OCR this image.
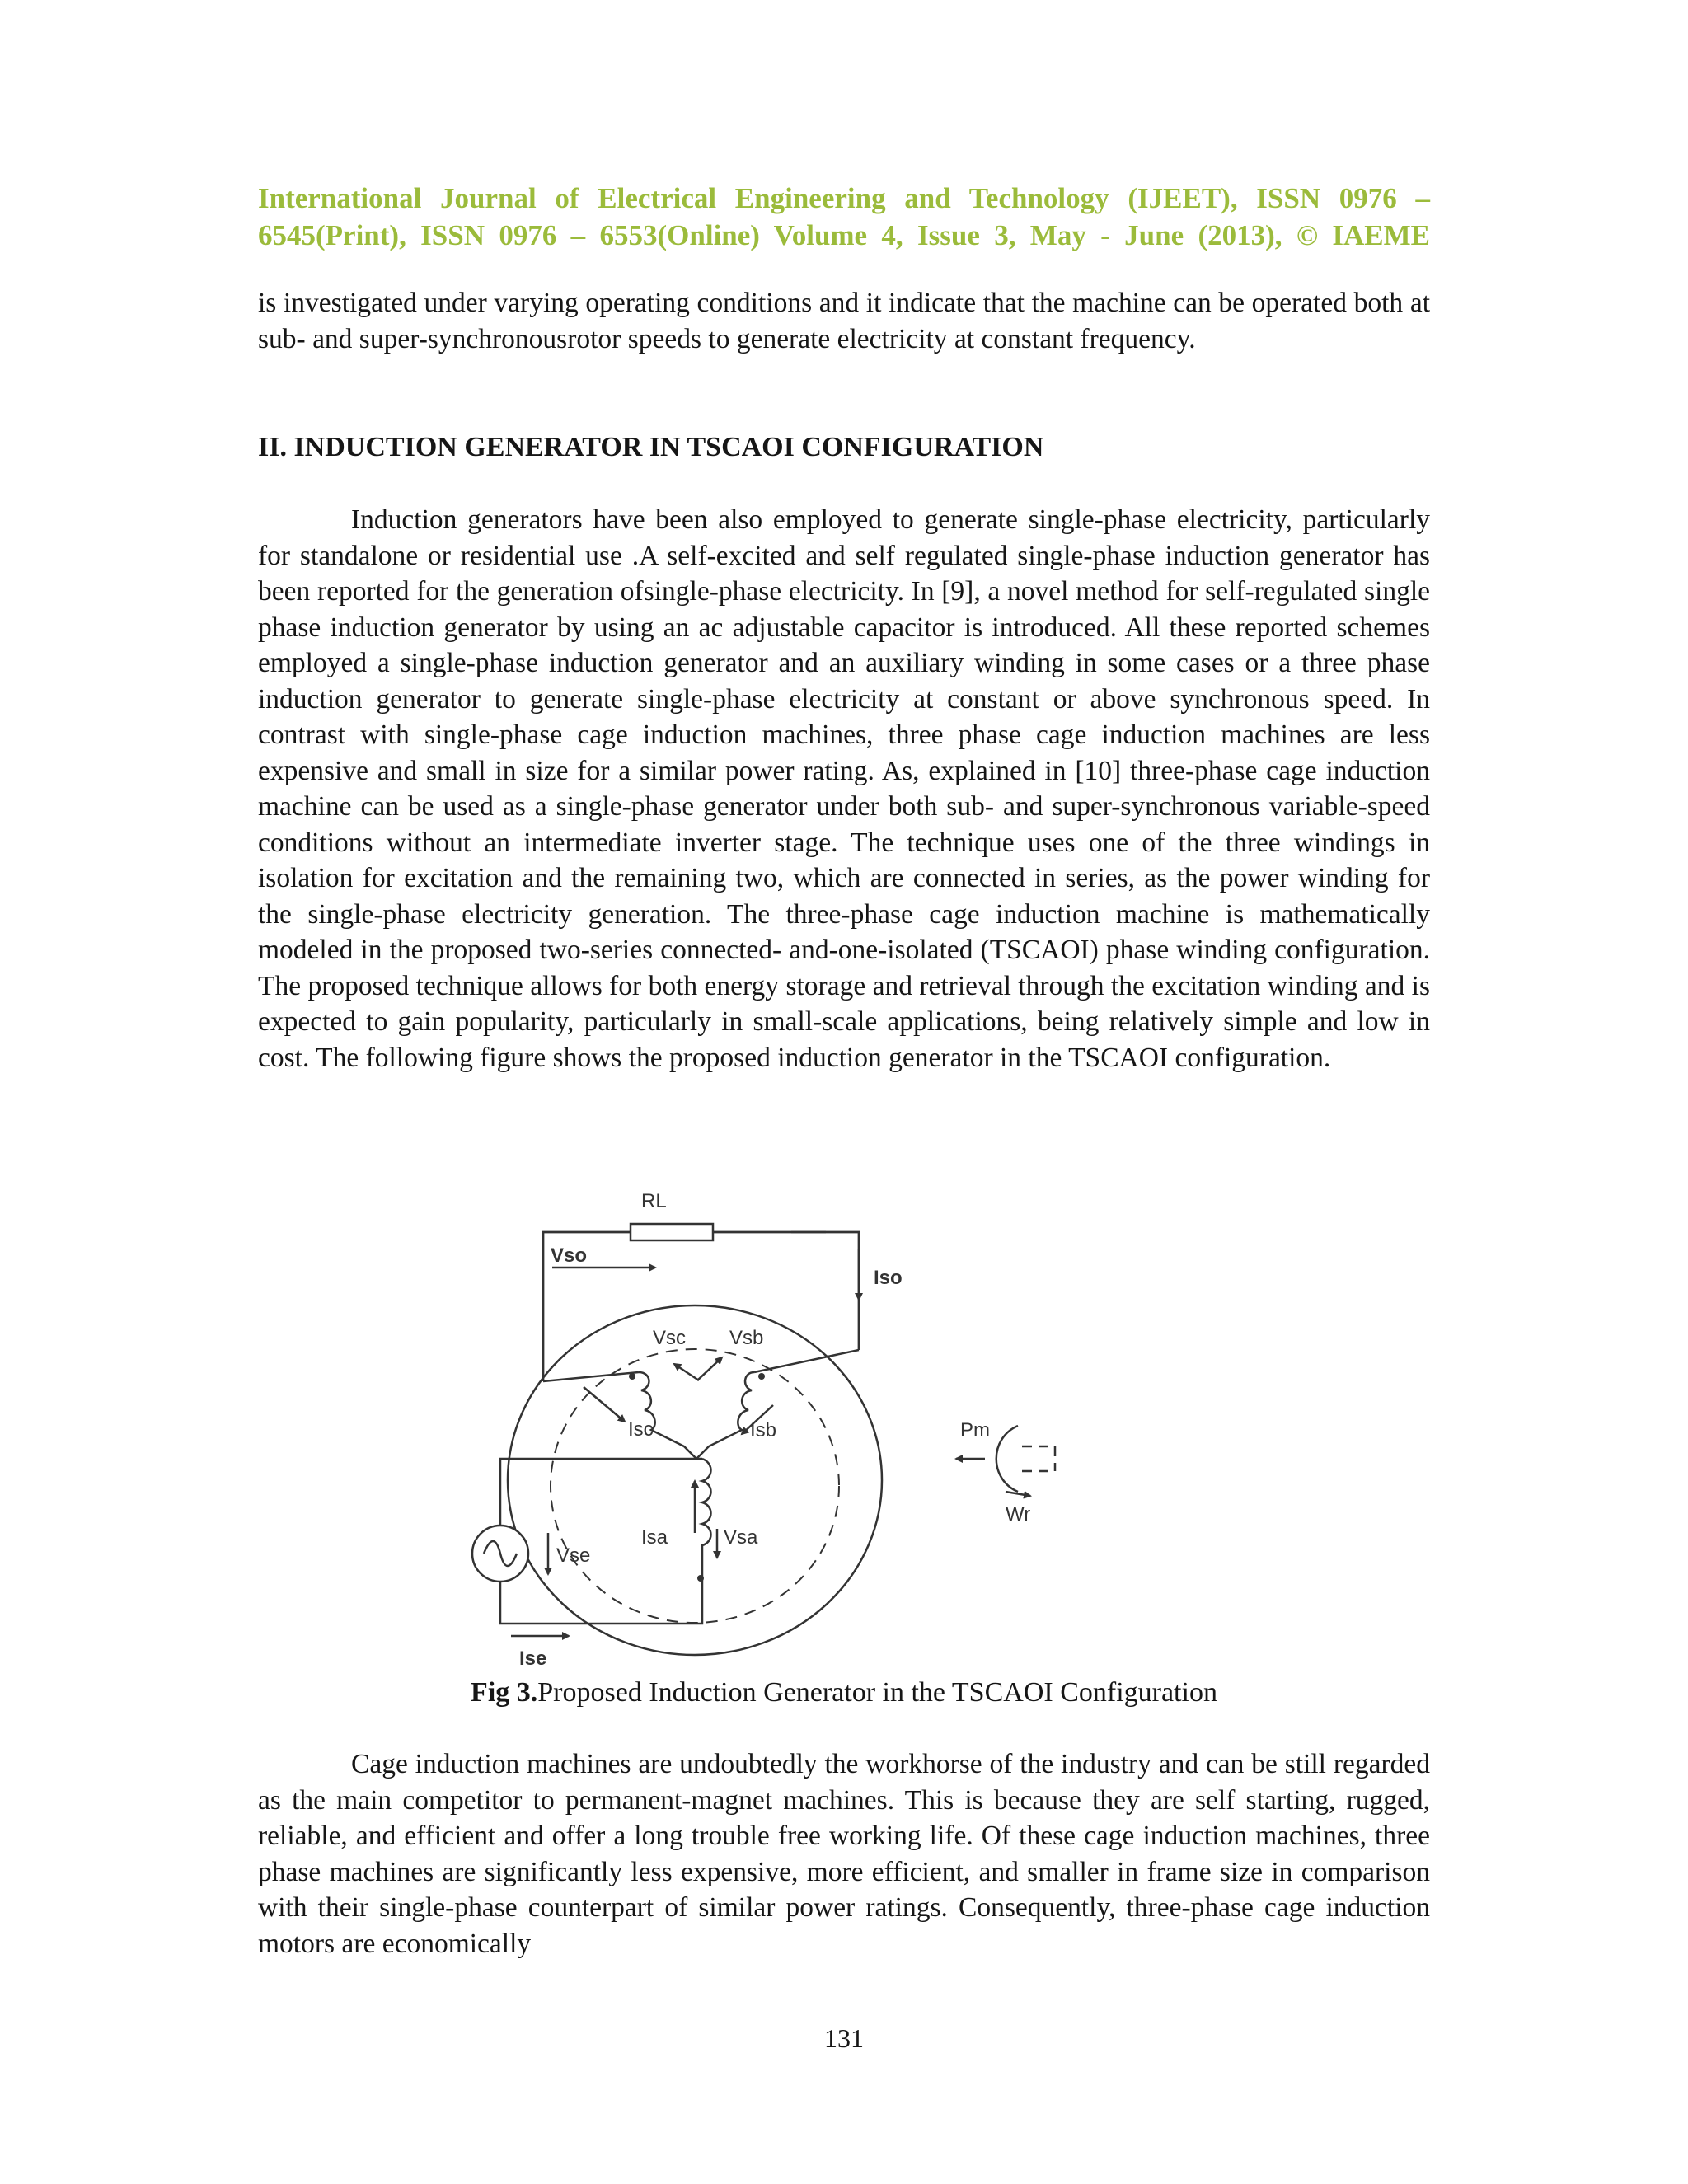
International Journal of Electrical Engineering and Technology (IJEET), ISSN 0976 –
6545(Print), ISSN 0976 – 6553(Online) Volume 4, Issue 3, May - June (2013), © IAEME

is investigated under varying operating conditions and it indicate that the machine can be operated both at sub- and super-synchronousrotor speeds to generate electricity at constant frequency.

II. INDUCTION GENERATOR IN TSCAOI CONFIGURATION

Induction generators have been also employed to generate single-phase electricity, particularly for standalone or residential use .A self-excited and self regulated single-phase induction generator has been reported for the generation ofsingle-phase electricity. In [9], a novel method for self-regulated single phase induction generator by using an ac adjustable capacitor is introduced. All these reported schemes employed a single-phase induction generator and an auxiliary winding in some cases or a three phase induction generator to generate single-phase electricity at constant or above synchronous speed. In contrast with single-phase cage induction machines, three phase cage induction machines are less expensive and small in size for a similar power rating. As, explained in [10] three-phase cage induction machine can be used as a single-phase generator under both sub- and super-synchronous variable-speed conditions without an intermediate inverter stage. The technique uses one of the three windings in isolation for excitation and the remaining two, which are connected in series, as the power winding for the single-phase electricity generation. The three-phase cage induction machine is mathematically modeled in the proposed two-series connected- and-one-isolated (TSCAOI) phase winding configuration. The proposed technique allows for both energy storage and retrieval through the excitation winding and is expected to gain popularity, particularly in small-scale applications, being relatively simple and low in cost. The following figure shows the proposed induction generator in the TSCAOI configuration.

RL
Vso
Iso
Vsc Vsb
Isc	Isb
Isa	Vsa
Vse
Ise
Pm
Wr

Fig 3.Proposed Induction Generator in the TSCAOI Configuration

Cage induction machines are undoubtedly the workhorse of the industry and can be still regarded as the main competitor to permanent-magnet machines. This is because they are self starting, rugged, reliable, and efficient and offer a long trouble free working life. Of these cage induction machines, three phase machines are significantly less expensive, more efficient, and smaller in frame size in comparison with their single-phase counterpart of similar power ratings. Consequently, three-phase cage induction motors are economically

131
